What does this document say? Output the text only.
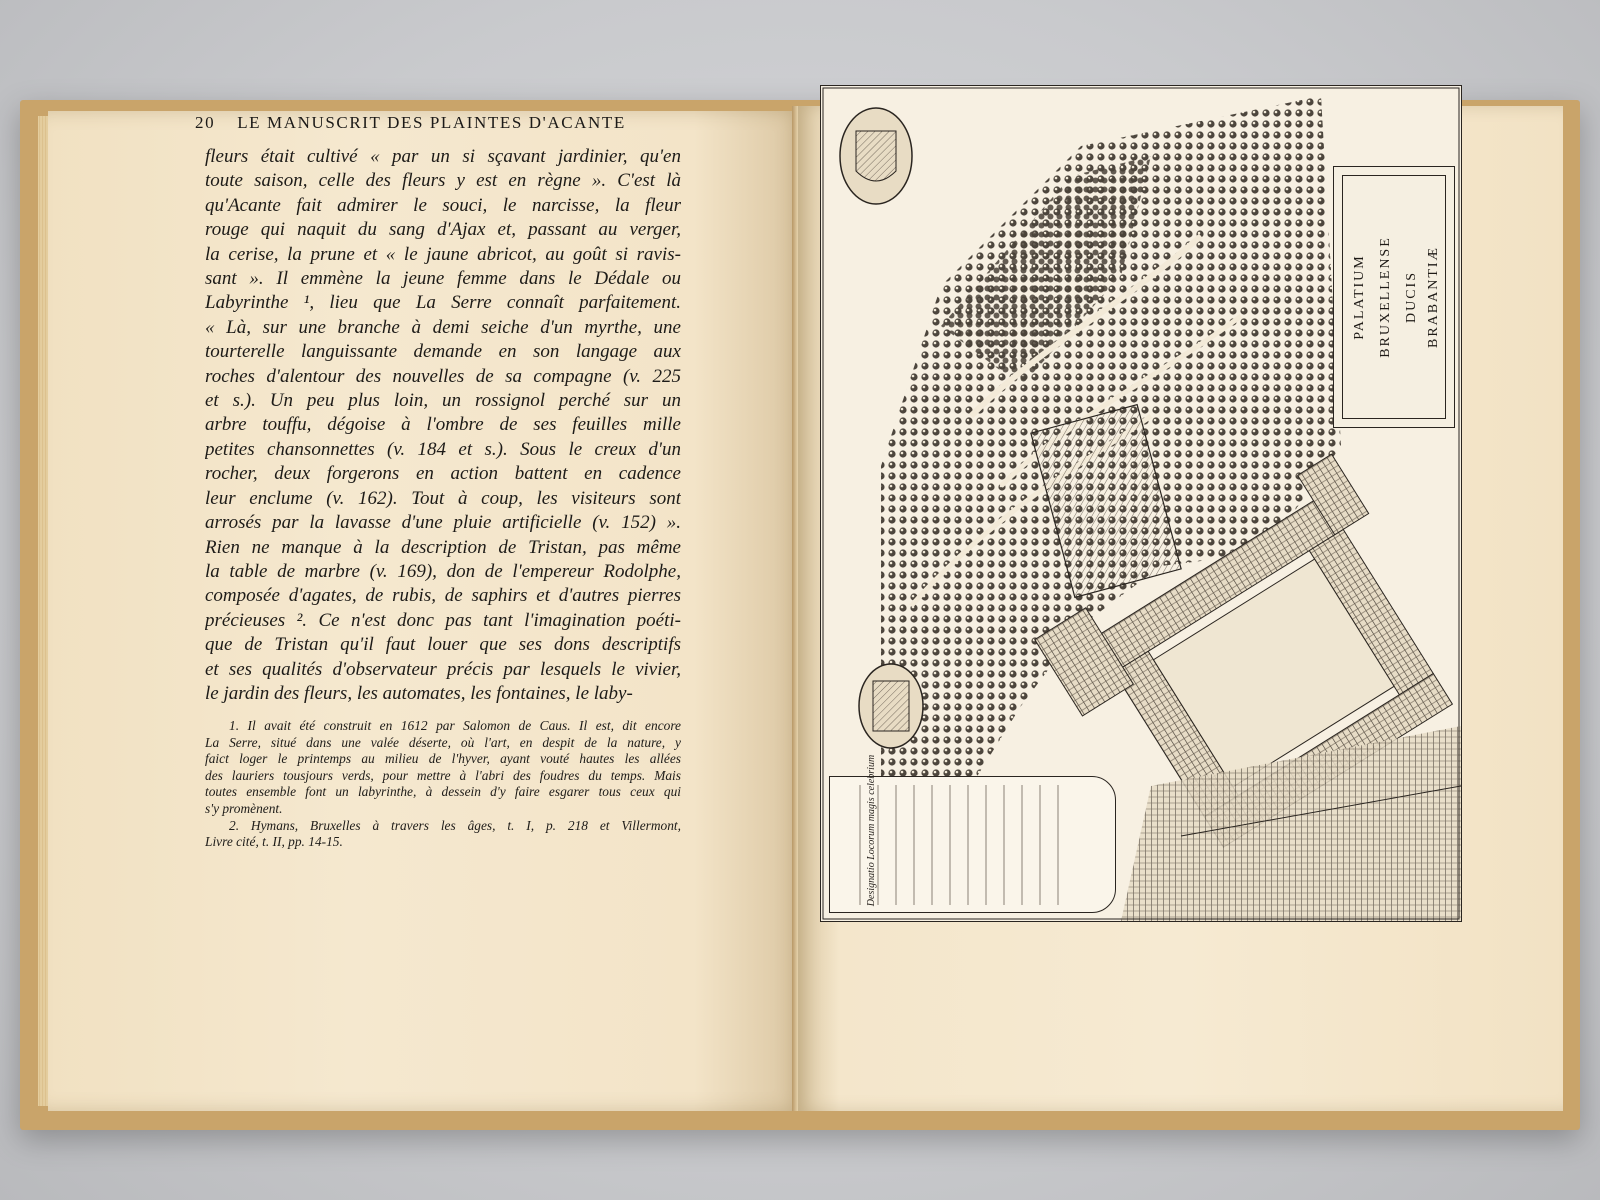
20 LE MANUSCRIT DES PLAINTES D'ACANTE
fleurs était cultivé « par un si sçavant jardinier, qu'en
toute saison, celle des fleurs y est en règne ». C'est là
qu'Acante fait admirer le souci, le narcisse, la fleur
rouge qui naquit du sang d'Ajax et, passant au verger,
la cerise, la prune et « le jaune abricot, au goût si ravis-
sant ». Il emmène la jeune femme dans le Dédale ou
Labyrinthe ¹, lieu que La Serre connaît parfaitement.
« Là, sur une branche à demi seiche d'un myrthe, une
tourterelle languissante demande en son langage aux
roches d'alentour des nouvelles de sa compagne (v. 225
et s.). Un peu plus loin, un rossignol perché sur un
arbre touffu, dégoise à l'ombre de ses feuilles mille
petites chansonnettes (v. 184 et s.). Sous le creux d'un
rocher, deux forgerons en action battent en cadence
leur enclume (v. 162). Tout à coup, les visiteurs sont
arrosés par la lavasse d'une pluie artificielle (v. 152) ».
Rien ne manque à la description de Tristan, pas même
la table de marbre (v. 169), don de l'empereur Rodolphe,
composée d'agates, de rubis, de saphirs et d'autres pierres
précieuses ². Ce n'est donc pas tant l'imagination poéti-
que de Tristan qu'il faut louer que ses dons descriptifs
et ses qualités d'observateur précis par lesquels le vivier,
le jardin des fleurs, les automates, les fontaines, le laby-
1. Il avait été construit en 1612 par Salomon de Caus. Il est, dit encore
La Serre, situé dans une valée déserte, où l'art, en despit de la nature, y
faict loger le printemps au milieu de l'hyver, ayant vouté hautes les allées
des lauriers tousjours verds, pour mettre à l'abri des foudres du temps. Mais
toutes ensemble font un labyrinthe, à dessein d'y faire esgarer tous ceux qui
s'y promènent.
2. Hymans, Bruxelles à travers les âges, t. I, p. 218 et Villermont,
Livre cité, t. II, pp. 14-15.
PALATIUM BRUXELLENSE DUCIS BRABANTIÆ
Designatio Locorum magis celebrium
